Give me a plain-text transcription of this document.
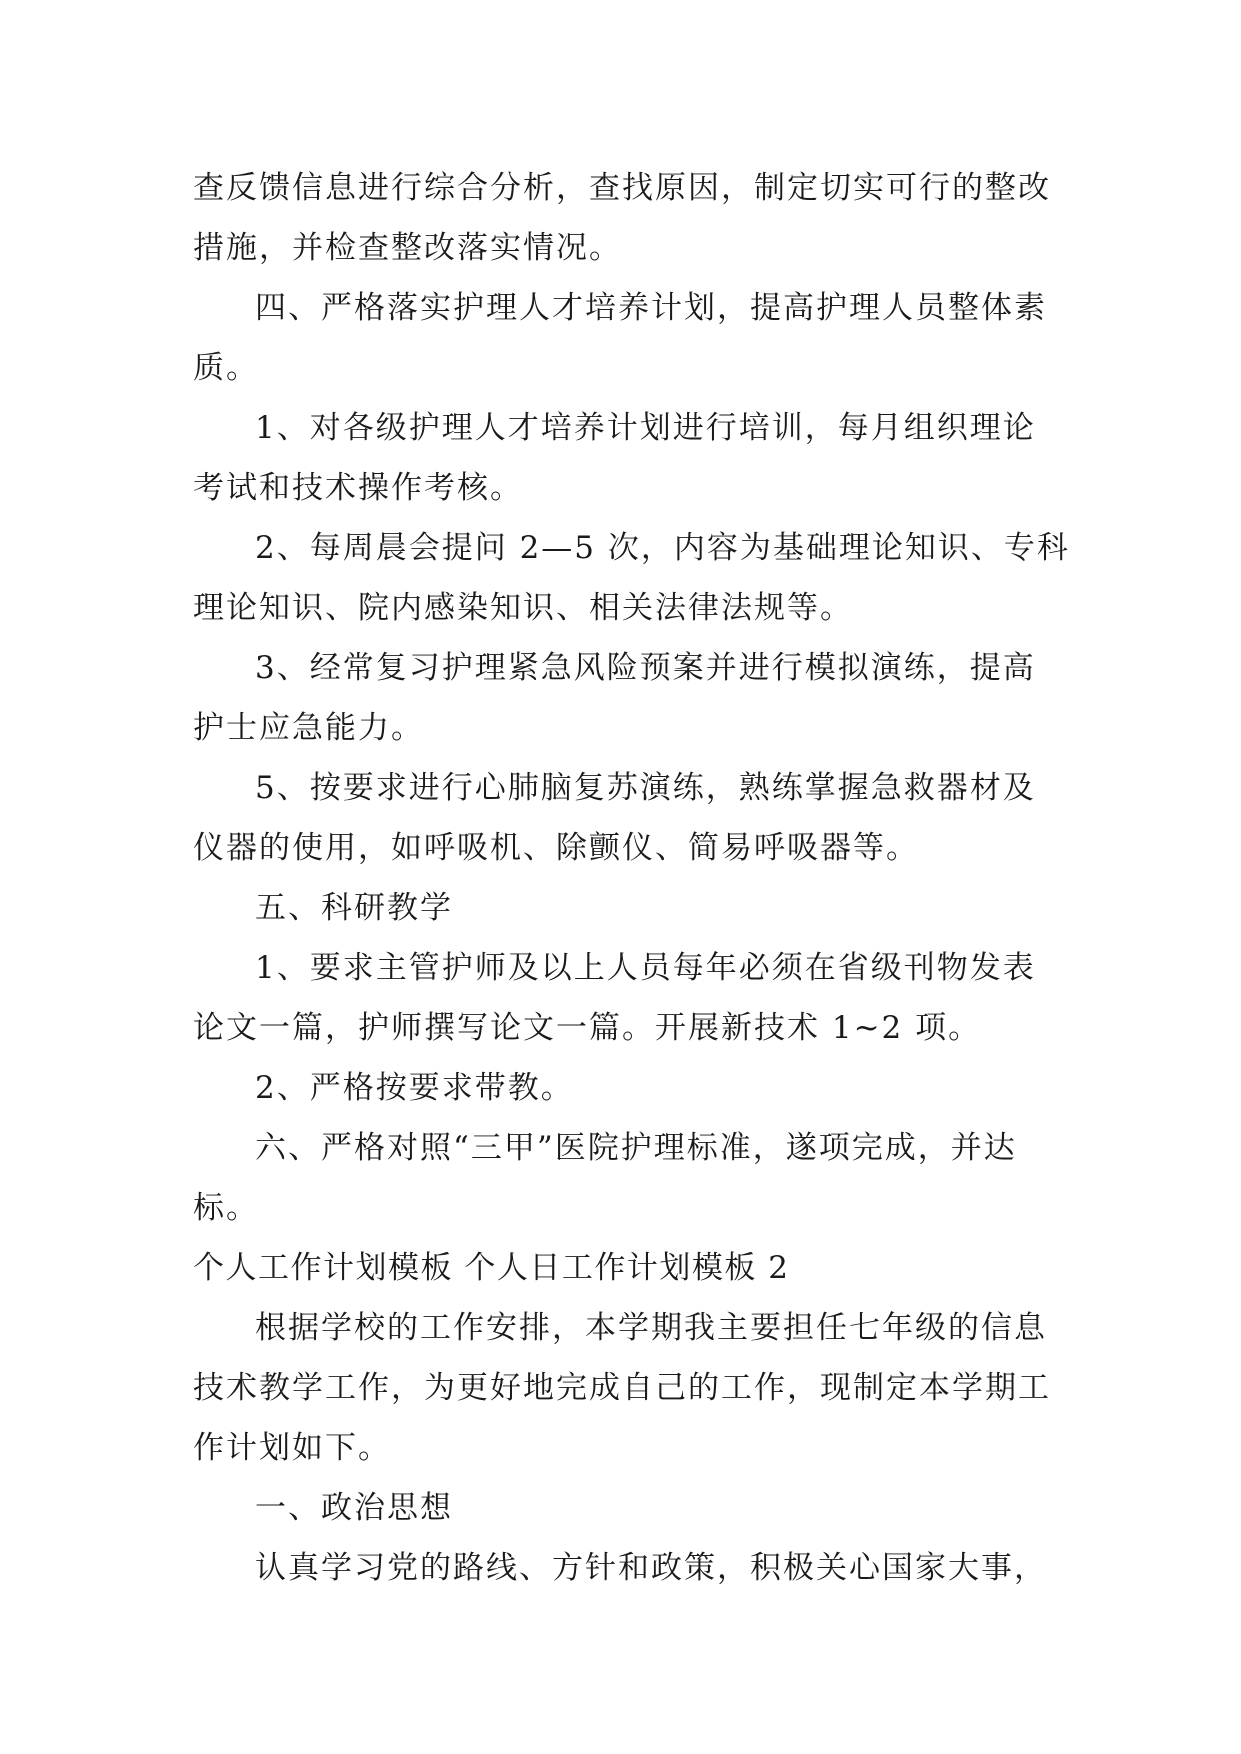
查反馈信息进行综合分析，查找原因，制定切实可行的整改
措施，并检查整改落实情况。
四、严格落实护理人才培养计划，提高护理人员整体素
质。
1、对各级护理人才培养计划进行培训，每月组织理论
考试和技术操作考核。
2、每周晨会提问 2—5 次，内容为基础理论知识、专科
理论知识、院内感染知识、相关法律法规等。
3、经常复习护理紧急风险预案并进行模拟演练，提高
护士应急能力。
5、按要求进行心肺脑复苏演练，熟练掌握急救器材及
仪器的使用，如呼吸机、除颤仪、简易呼吸器等。
五、科研教学
1、要求主管护师及以上人员每年必须在省级刊物发表
论文一篇，护师撰写论文一篇。开展新技术 1~2 项。
2、严格按要求带教。
六、严格对照“三甲”医院护理标准，遂项完成，并达
标。
个人工作计划模板 个人日工作计划模板 2
根据学校的工作安排，本学期我主要担任七年级的信息
技术教学工作，为更好地完成自己的工作，现制定本学期工
作计划如下。
一、政治思想
认真学习党的路线、方针和政策，积极关心国家大事，
